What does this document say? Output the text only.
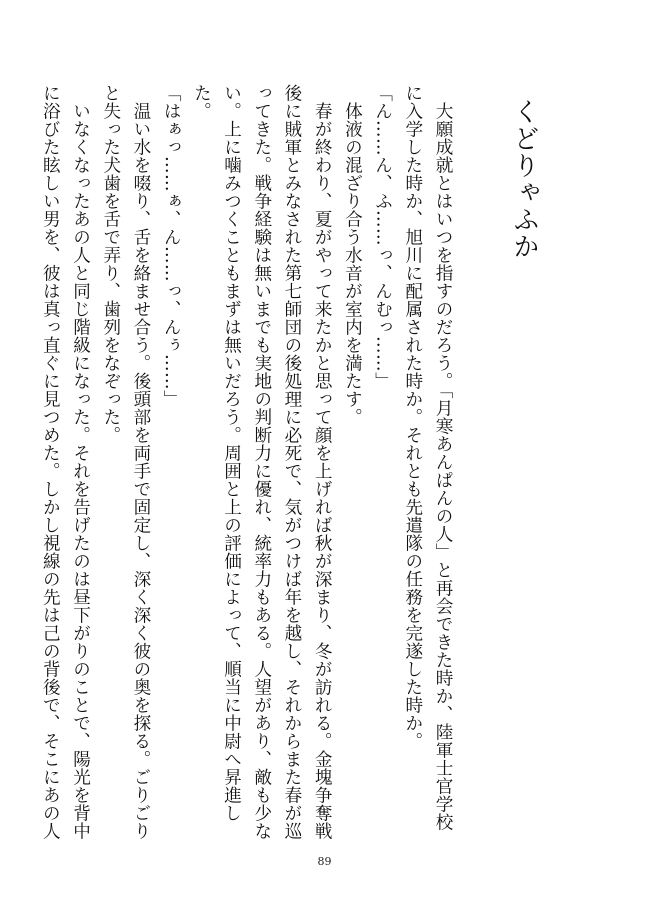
くどりゃふか
　大願成就とはいつを指すのだろう。「月寒あんぱんの人」と再会できた時か、陸軍士官学校
に入学した時か、旭川に配属された時か。それとも先遣隊の任務を完遂した時か。
「ん……ん、ふ……っ、んむっ……」
　体液の混ざり合う水音が室内を満たす。
　春が終わり、夏がやって来たかと思って顔を上げれば秋が深まり、冬が訪れる。金塊争奪戦
後に賊軍とみなされた第七師団の後処理に必死で、気がつけば年を越し、それからまた春が巡
ってきた。戦争経験は無いまでも実地の判断力に優れ、統率力もある。人望があり、敵も少な
い。上に噛みつくこともまずは無いだろう。周囲と上の評価によって、順当に中尉へ昇進し
た。
「はぁっ……ぁ、ん……っ、んぅ……」
　温い水を啜り、舌を絡ませ合う。後頭部を両手で固定し、深く深く彼の奥を探る。ごりごり
と失った犬歯を舌で弄り、歯列をなぞった。
　いなくなったあの人と同じ階級になった。それを告げたのは昼下がりのことで、陽光を背中
に浴びた眩しい男を、彼は真っ直ぐに見つめた。しかし視線の先は己の背後で、そこにあの人
89
